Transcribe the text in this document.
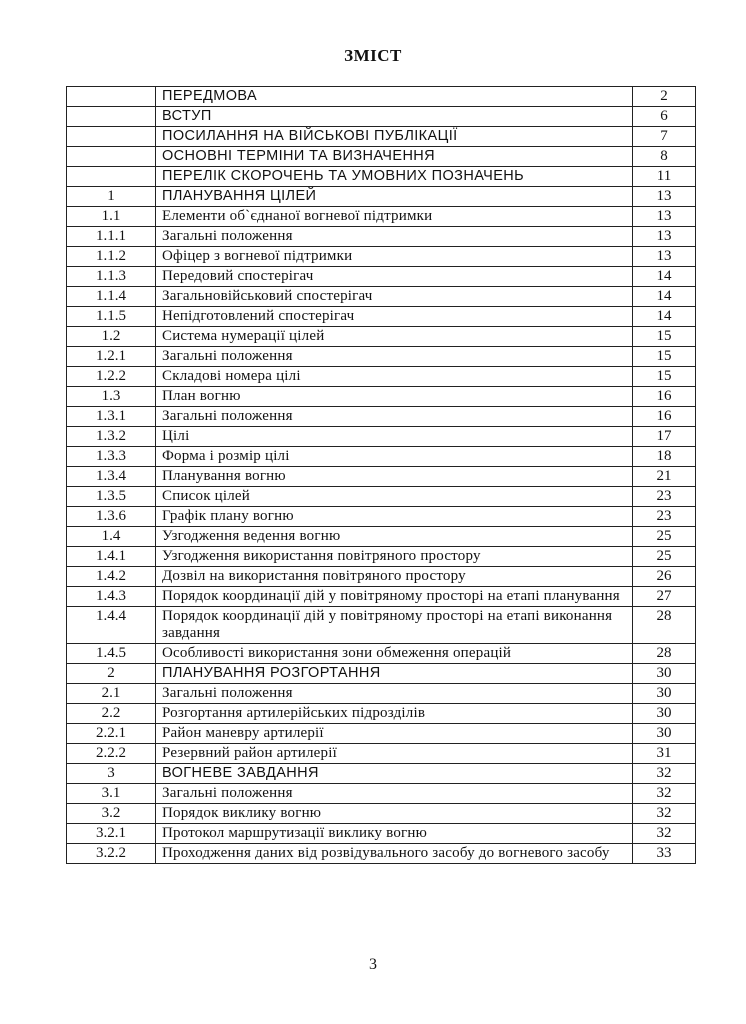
ЗМІСТ
	ПЕРЕДМОВА	2
	ВСТУП	6
	ПОСИЛАННЯ НА ВІЙСЬКОВІ ПУБЛІКАЦІЇ	7
	ОСНОВНІ ТЕРМІНИ ТА ВИЗНАЧЕННЯ	8
	ПЕРЕЛІК СКОРОЧЕНЬ ТА УМОВНИХ ПОЗНАЧЕНЬ	11
1	ПЛАНУВАННЯ ЦІЛЕЙ	13
1.1	Елементи об`єднаної вогневої підтримки	13
1.1.1	Загальні положення	13
1.1.2	Офіцер з вогневої підтримки	13
1.1.3	Передовий спостерігач	14
1.1.4	Загальновійськовий спостерігач	14
1.1.5	Непідготовлений спостерігач	14
1.2	Система нумерації цілей	15
1.2.1	Загальні положення	15
1.2.2	Складові номера цілі	15
1.3	План вогню	16
1.3.1	Загальні положення	16
1.3.2	Цілі	17
1.3.3	Форма і розмір цілі	18
1.3.4	Планування вогню	21
1.3.5	Список цілей	23
1.3.6	Графік плану вогню	23
1.4	Узгодження ведення вогню	25
1.4.1	Узгодження використання повітряного простору	25
1.4.2	Дозвіл на використання повітряного простору	26
1.4.3	Порядок координації дій у повітряному просторі на етапі планування	27
1.4.4	Порядок координації дій у повітряному просторі на етапі виконання завдання	28
1.4.5	Особливості використання зони обмеження операцій	28
2	ПЛАНУВАННЯ РОЗГОРТАННЯ	30
2.1	Загальні положення	30
2.2	Розгортання артилерійських підрозділів	30
2.2.1	Район маневру артилерії	30
2.2.2	Резервний район артилерії	31
3	ВОГНЕВЕ ЗАВДАННЯ	32
3.1	Загальні положення	32
3.2	Порядок виклику вогню	32
3.2.1	Протокол маршрутизації виклику вогню	32
3.2.2	Проходження даних від розвідувального засобу до вогневого засобу	33
3
